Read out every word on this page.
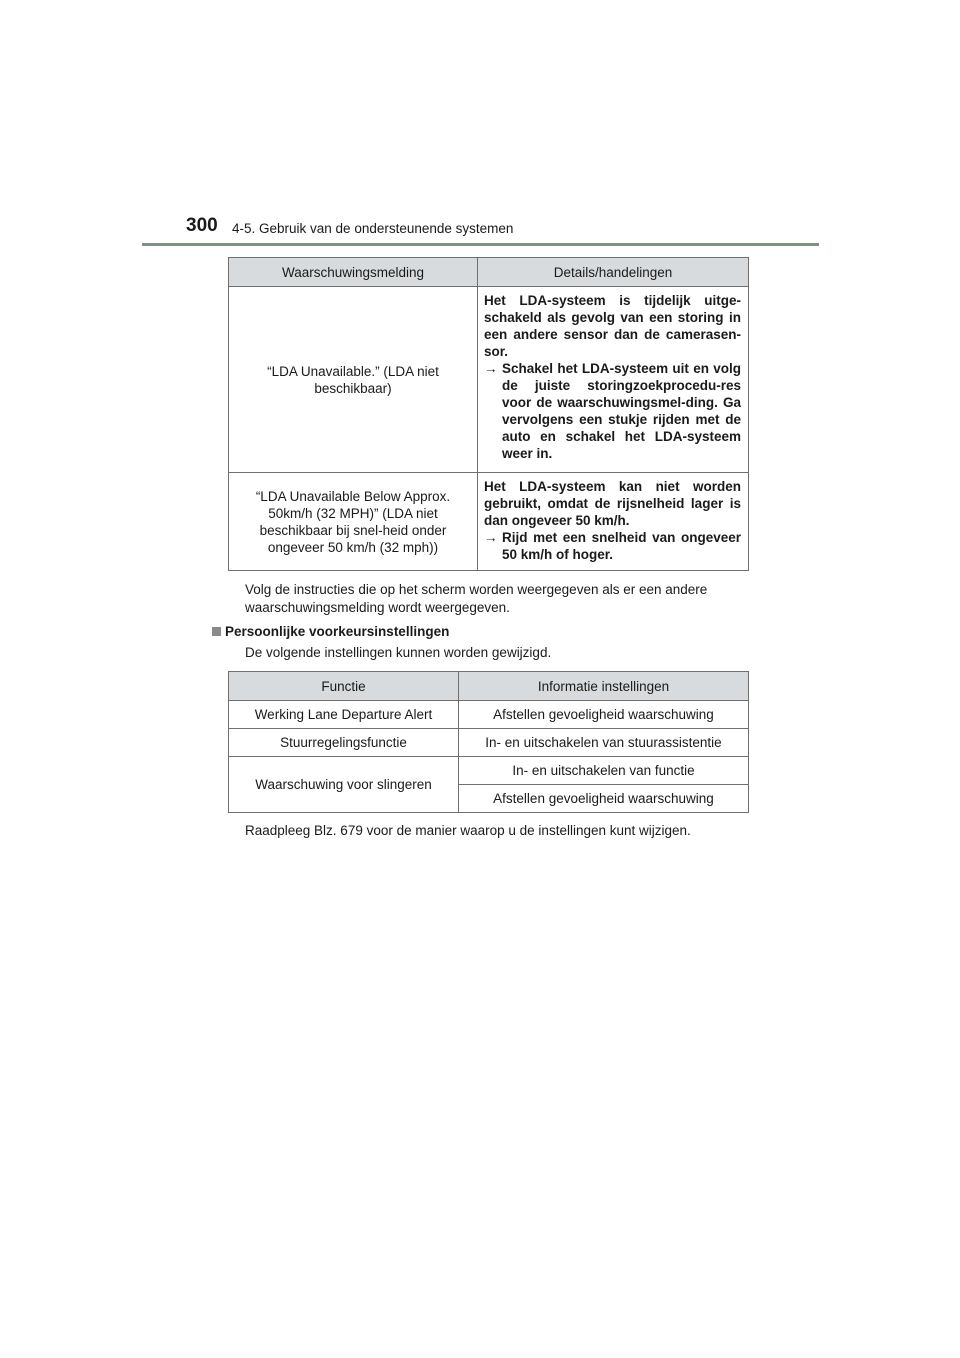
300 4-5. Gebruik van de ondersteunende systemen
Waarschuwingsmelding	Details/handelingen
“LDA Unavailable.” (LDA niet beschikbaar)	Het LDA-systeem is tijdelijk uitge-schakeld als gevolg van een storing in een andere sensor dan de camerasen-sor.
→ Schakel het LDA-systeem uit en volg de juiste storingzoekprocedu-res voor de waarschuwingsmel-ding. Ga vervolgens een stukje rijden met de auto en schakel het LDA-systeem weer in.

“LDA Unavailable Below Approx. 50km/h (32 MPH)” (LDA niet beschikbaar bij snel-heid onder ongeveer 50 km/h (32 mph))	Het LDA-systeem kan niet worden gebruikt, omdat de rijsnelheid lager is dan ongeveer 50 km/h.
→ Rijd met een snelheid van ongeveer 50 km/h of hoger.
Volg de instructies die op het scherm worden weergegeven als er een andere waarschuwingsmelding wordt weergegeven.
Persoonlijke voorkeursinstellingen
De volgende instellingen kunnen worden gewijzigd.
Functie	Informatie instellingen
Werking Lane Departure Alert	Afstellen gevoeligheid waarschuwing
Stuurregelingsfunctie	In- en uitschakelen van stuurassistentie
Waarschuwing voor slingeren	In- en uitschakelen van functie
	Afstellen gevoeligheid waarschuwing
Raadpleeg Blz. 679 voor de manier waarop u de instellingen kunt wijzigen.
